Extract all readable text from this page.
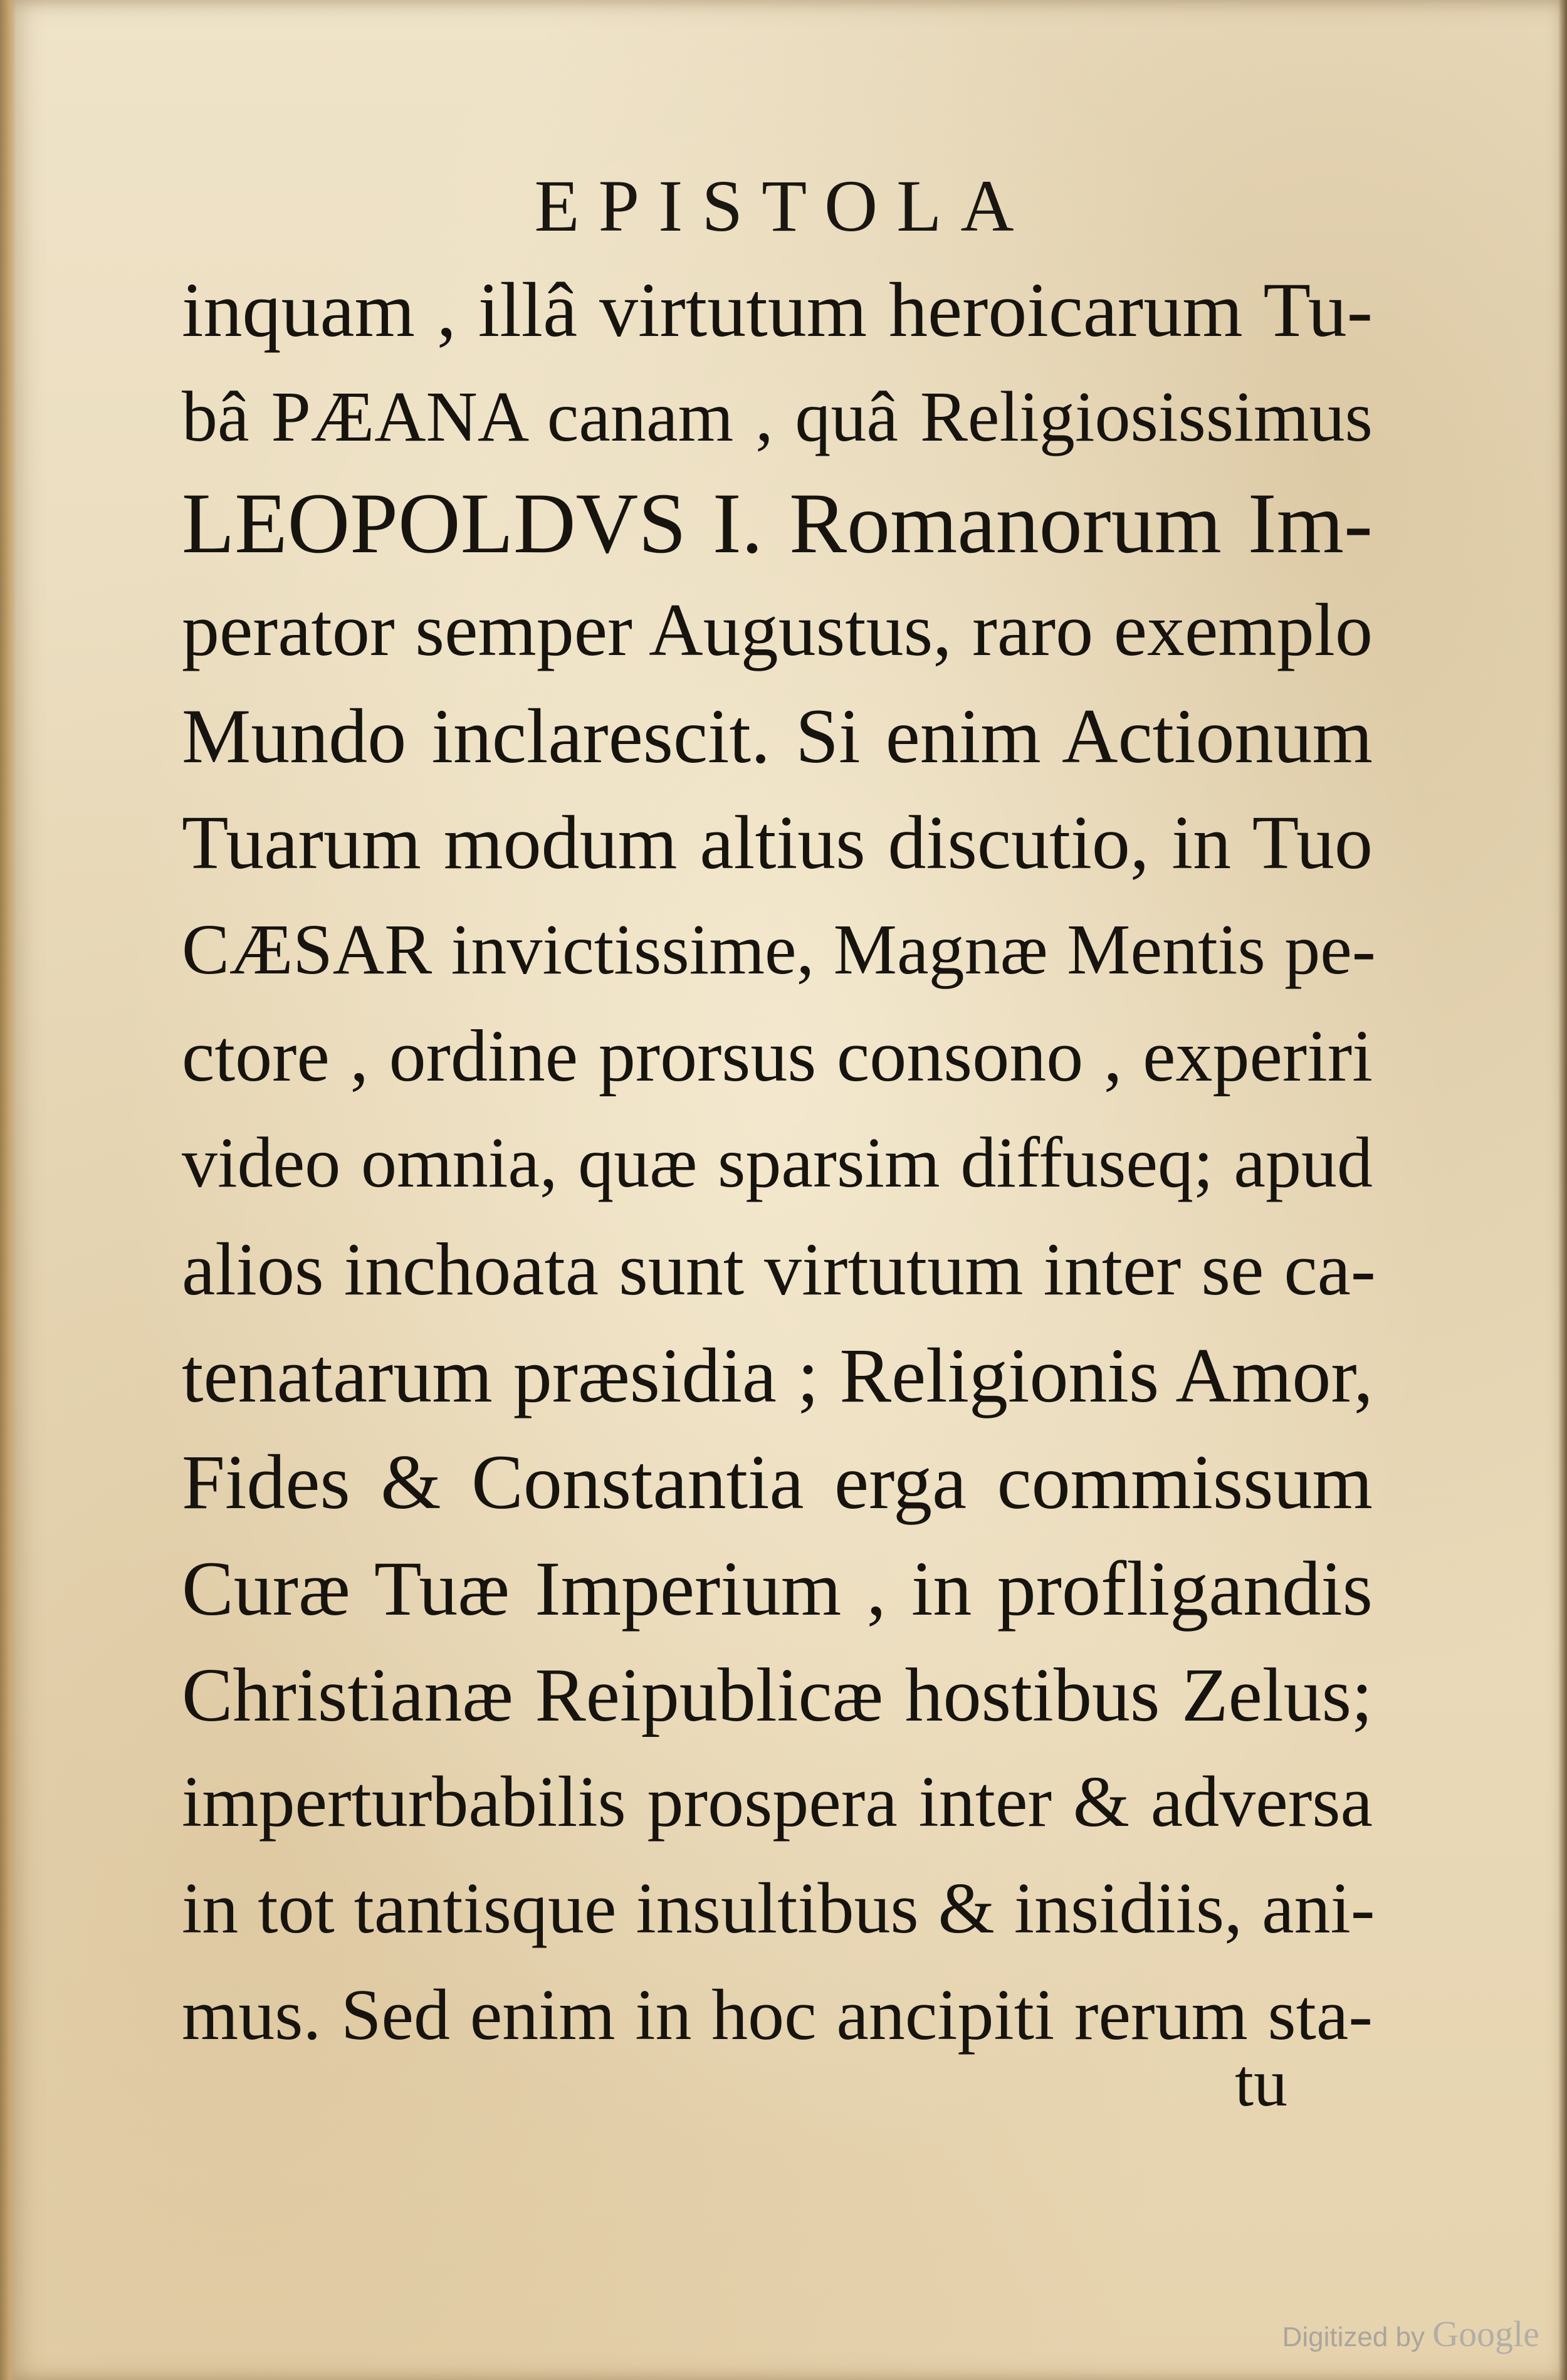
EPISTOLA
inquam , illâ virtutum heroicarum Tu-
bâ PÆANA canam , quâ Religiosissimus
LEOPOLDVS I. Romanorum Im-
perator semper Augustus, raro exemplo
Mundo inclarescit. Si enim Actionum
Tuarum modum altius discutio, in Tuo
CÆSAR invictissime, Magnæ Mentis pe-
ctore , ordine prorsus consono , experiri
video omnia, quæ sparsim diffuseq; apud
alios inchoata sunt virtutum inter se ca-
tenatarum præsidia ; Religionis Amor,
Fides & Constantia erga commissum
Curæ Tuæ Imperium , in profligandis
Christianæ Reipublicæ hostibus Zelus;
imperturbabilis prospera inter & adversa
in tot tantisque insultibus & insidiis, ani-
mus. Sed enim in hoc ancipiti rerum sta-
tu
Digitized by Google
